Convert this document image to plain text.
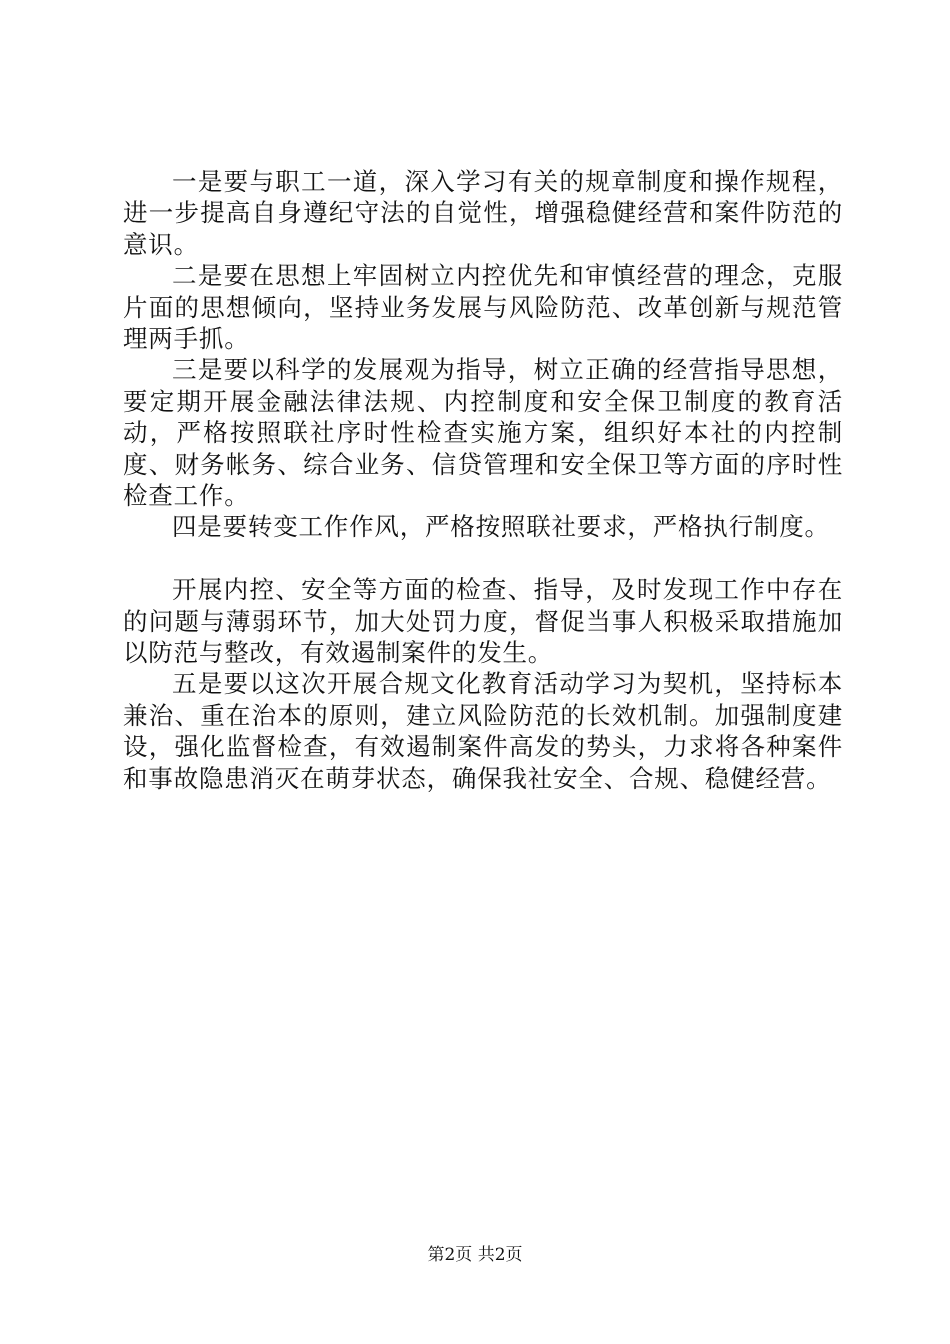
一是要与职工一道，深入学习有关的规章制度和操作规程，进一步提高自身遵纪守法的自觉性，增强稳健经营和案件防范的意识。

二是要在思想上牢固树立内控优先和审慎经营的理念，克服片面的思想倾向，坚持业务发展与风险防范、改革创新与规范管理两手抓。

三是要以科学的发展观为指导，树立正确的经营指导思想，要定期开展金融法律法规、内控制度和安全保卫制度的教育活动，严格按照联社序时性检查实施方案，组织好本社的内控制度、财务帐务、综合业务、信贷管理和安全保卫等方面的序时性检查工作。

四是要转变工作作风，严格按照联社要求，严格执行制度。

开展内控、安全等方面的检查、指导，及时发现工作中存在的问题与薄弱环节，加大处罚力度，督促当事人积极采取措施加以防范与整改，有效遏制案件的发生。

五是要以这次开展合规文化教育活动学习为契机，坚持标本兼治、重在治本的原则，建立风险防范的长效机制。加强制度建设，强化监督检查，有效遏制案件高发的势头，力求将各种案件和事故隐患消灭在萌芽状态，确保我社安全、合规、稳健经营。

第2页 共2页
